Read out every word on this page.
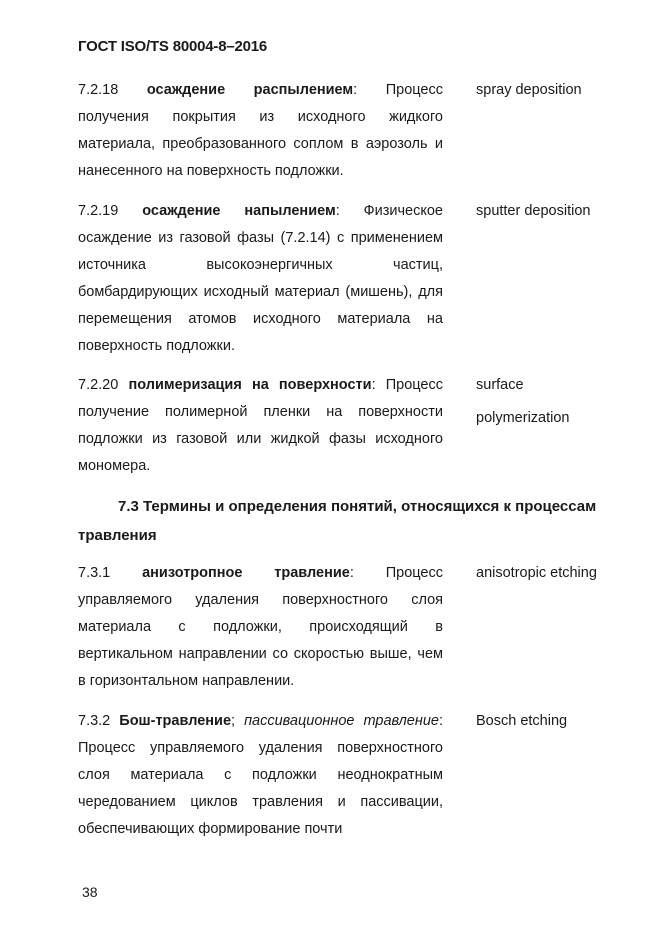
ГОСТ ISO/TS 80004-8–2016
7.2.18 осаждение распылением: Процесс получения покрытия из исходного жидкого материала, преобразованного соплом в аэрозоль и нанесенного на поверхность подложки.
spray deposition
7.2.19 осаждение напылением: Физическое осаждение из газовой фазы (7.2.14) с применением источника высокоэнергичных частиц, бомбардирующих исходный материал (мишень), для перемещения атомов исходного материала на поверхность подложки.
sputter deposition
7.2.20 полимеризация на поверхности: Процесс получение полимерной пленки на поверхности подложки из газовой или жидкой фазы исходного мономера.
surface polymerization
7.3 Термины и определения понятий, относящихся к процессам травления
7.3.1 анизотропное травление: Процесс управляемого удаления поверхностного слоя материала с подложки, происходящий в вертикальном направлении со скоростью выше, чем в горизонтальном направлении.
anisotropic etching
7.3.2 Бош-травление; пассивационное травление: Процесс управляемого удаления поверхностного слоя материала с подложки неоднократным чередованием циклов травления и пассивации, обеспечивающих формирование почти
Bosch etching
38
